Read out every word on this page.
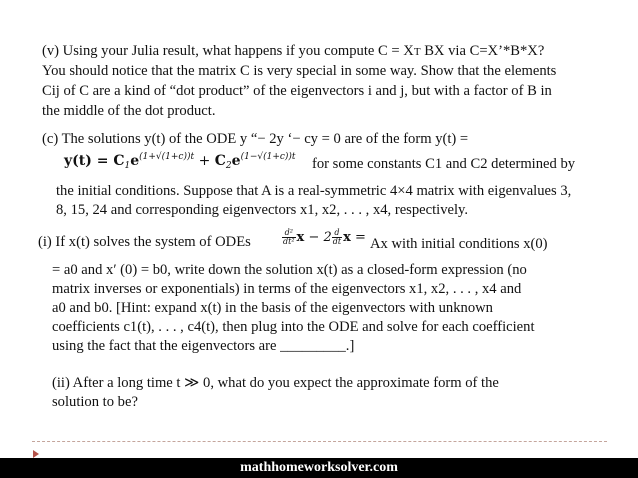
(v) Using your Julia result, what happens if you compute C = XT BX via C=X’*B*X?

You should notice that the matrix C is very special in some way. Show that the elements

Cij of C are a kind of “dot product” of the eigenvectors i and j, but with a factor of B in

the middle of the dot product.

(c) The solutions y(t) of the ODE y “− 2y ‘− cy = 0 are of the form y(t) =

$y(t) = C_1e^{(1+√(1+c))t} + C_2e^{(1-√(1+c))t}$ for some constants C1 and C2 determined by

the initial conditions. Suppose that A is a real-symmetric 4×4 matrix with eigenvalues 3,

8, 15, 24 and corresponding eigenvectors x1, x2, . . . , x4, respectively.

(i) If x(t) solves the system of ODEs	$\frac{\text{d²}}{\text{dt²}}$ $x - 2 \frac{d}{dt}$ x = Ax with initial conditions x(0)

= a0 and x′ (0) = b0, write down the solution x(t) as a closed-form expression (no

matrix inverses or exponentials) in terms of the eigenvectors x1, x2, . . . , x4 and

a0 and b0. [Hint: expand x(t) in the basis of the eigenvectors with unknown

coefficients c1(t), . . . , c4(t), then plug into the ODE and solve for each coefficient

using the fact that the eigenvectors are _________.]

(ii) After a long time t ≫ 0, what do you expect the approximate form of the

solution to be?

mathhomeworksolver.com
